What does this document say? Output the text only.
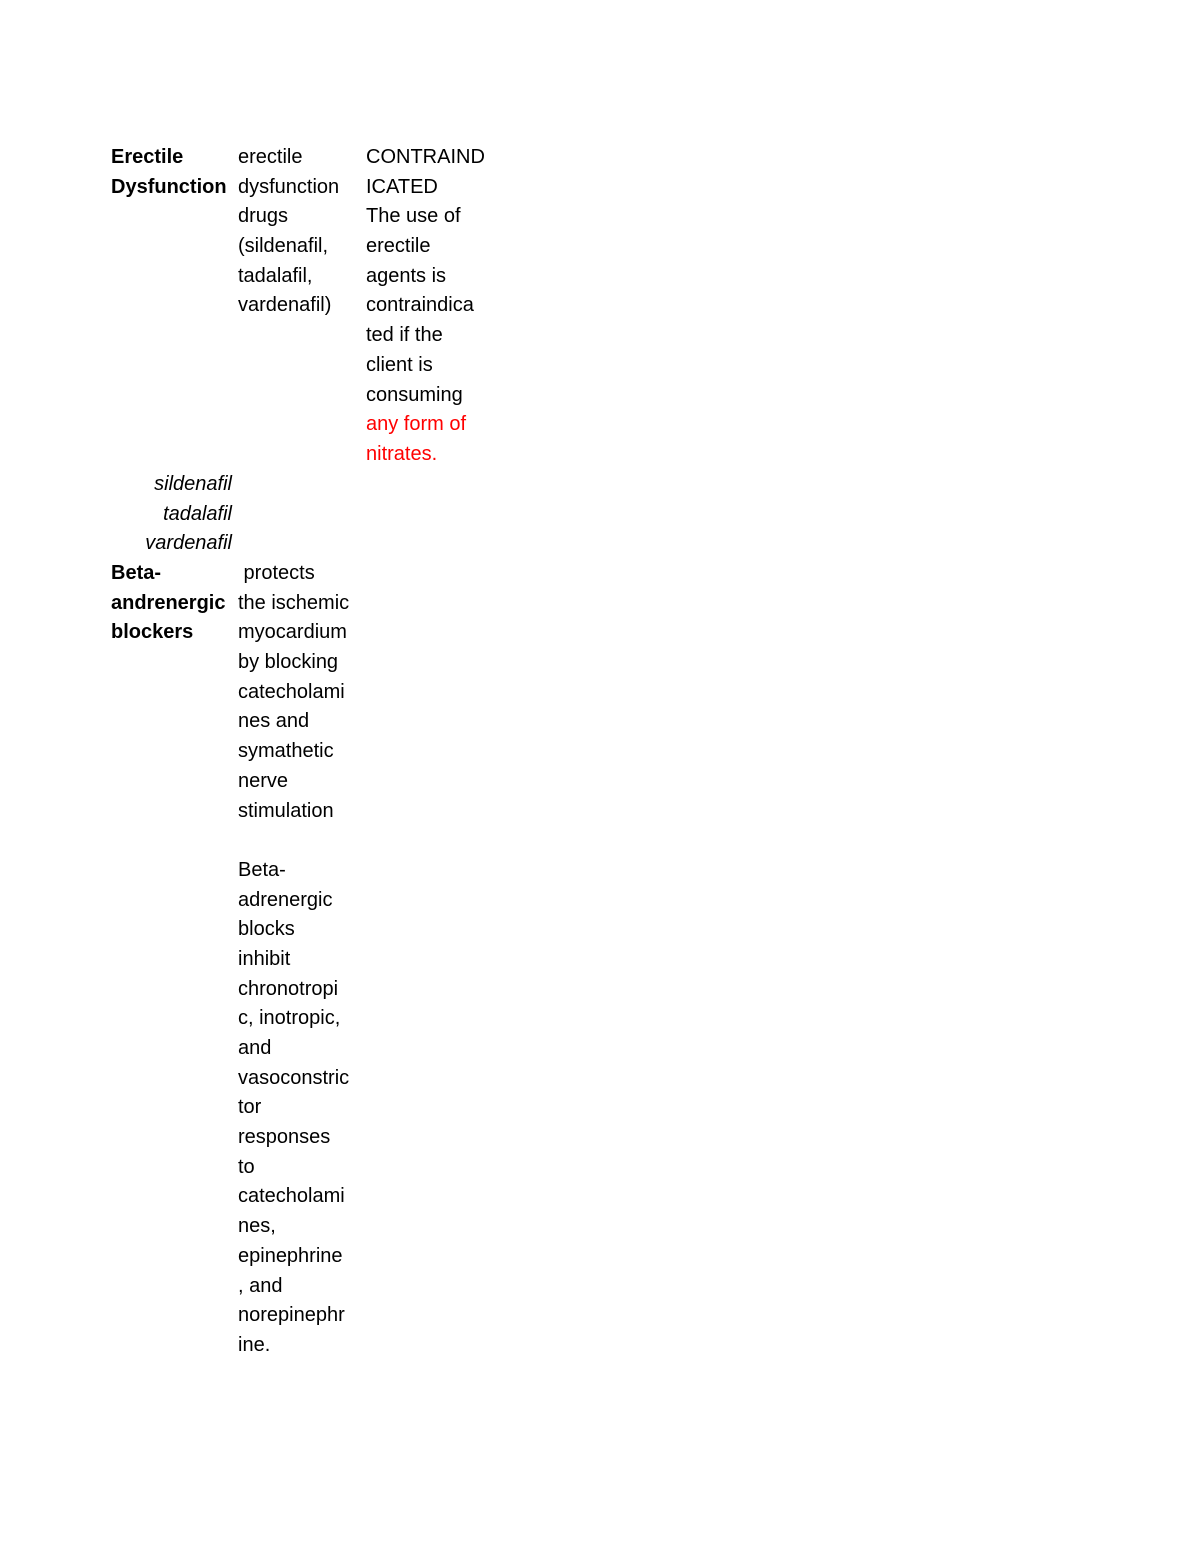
Erectile
Dysfunction
erectile
dysfunction
drugs
(sildenafil,
tadalafil,
vardenafil)
CONTRAIND
ICATED
The use of
erectile
agents is
contraindica
ted if the
client is
consuming
any form of
nitrates.
sildenafil
tadalafil
vardenafil
Beta-
andrenergic
blockers
protects
the ischemic
myocardium
by blocking
catecholami
nes and
symathetic
nerve
stimulation
Beta-
adrenergic
blocks
inhibit
chronotropi
c, inotropic,
and
vasoconstric
tor
responses
to
catecholami
nes,
epinephrine
, and
norepinephr
ine.
